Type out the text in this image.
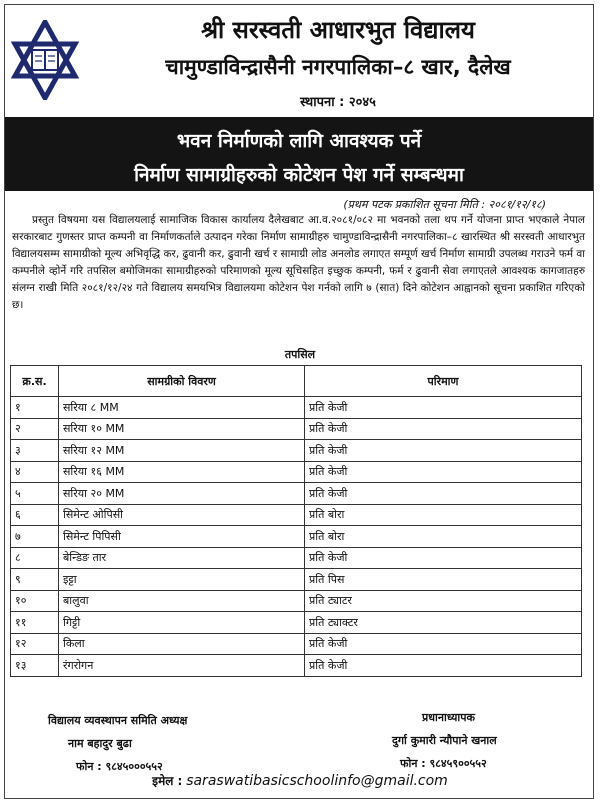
श्री सरस्वती आधारभुत विद्यालय
चामुण्डाविन्द्रासैनी नगरपालिका–८ खार, दैलेख
स्थापना : २०४५
भवन निर्माणको लागि आवश्यक पर्ने
निर्माण सामाग्रीहरुको कोटेशन पेश गर्ने सम्बन्धमा
(प्रथम पटक प्रकाशित सूचना मिति : २०८१/१२/१८)

प्रस्तुत विषयमा यस विद्यालयलाई सामाजिक विकास कार्यालय दैलेखबाट आ.व.२०८१/०८२ मा भवनको तला थप गर्ने योजना प्राप्त भएकाले नेपाल सरकारबाट गुणस्तर प्राप्त कम्पनी वा निर्माणकर्ताले उत्पादन गरेका निर्माण सामाग्रीहरु चामुण्डाविन्द्रासैनी नगरपालिका–८ खारस्थित श्री सरस्वती आधारभुत विद्यालयसम्म सामाग्रीको मूल्य अभिवृद्धि कर, ढुवानी कर, ढुवानी खर्च र सामाग्री लोड अनलोड लगाएत सम्पूर्ण खर्च निर्माण सामाग्री उपलब्ध गराउने फर्म वा कम्पनीले व्होर्ने गरि तपसिल बमोजिमका सामाग्रीहरुको परिमाणको मूल्य सूचिसहित इच्छुक कम्पनी, फर्म र ढुवानी सेवा लगाएतले आवश्यक कागजातहरु संलग्न राखी मिति २०८१/१२/२४ गते विद्यालय समयभित्र विद्यालयमा कोटेशन पेश गर्नको लागि ७ (सात) दिने कोटेशन आह्वानको सूचना प्रकाशित गरिएको छ।

तपसिल
क्र.स.	सामग्रीको विवरण	परिमाण
१	सरिया ८ MM	प्रति केजी
२	सरिया १० MM	प्रति केजी
३	सरिया १२ MM	प्रति केजी
४	सरिया १६ MM	प्रति केजी
५	सरिया २० MM	प्रति केजी
६	सिमेन्ट ओपिसी	प्रति बोरा
७	सिमेन्ट पिपिसी	प्रति बोरा
८	बेन्डिङ तार	प्रति केजी
९	इट्टा	प्रति पिस
१०	बालुवा	प्रति ट्याटर
११	गिट्टी	प्रति ट्याक्टर
१२	किला	प्रति केजी
१३	रंगरोगन	प्रति केजी
विद्यालय व्यवस्थापन समिति अध्यक्ष
नाम बहादुर बुढा
फोन : ९८४५०००५५२
प्रधानाध्यापक
दुर्गा कुमारी न्यौपाने खनाल
फोन : ९८४५९००५५२
इमेल : saraswatibasicschoolinfo@gmail.com
